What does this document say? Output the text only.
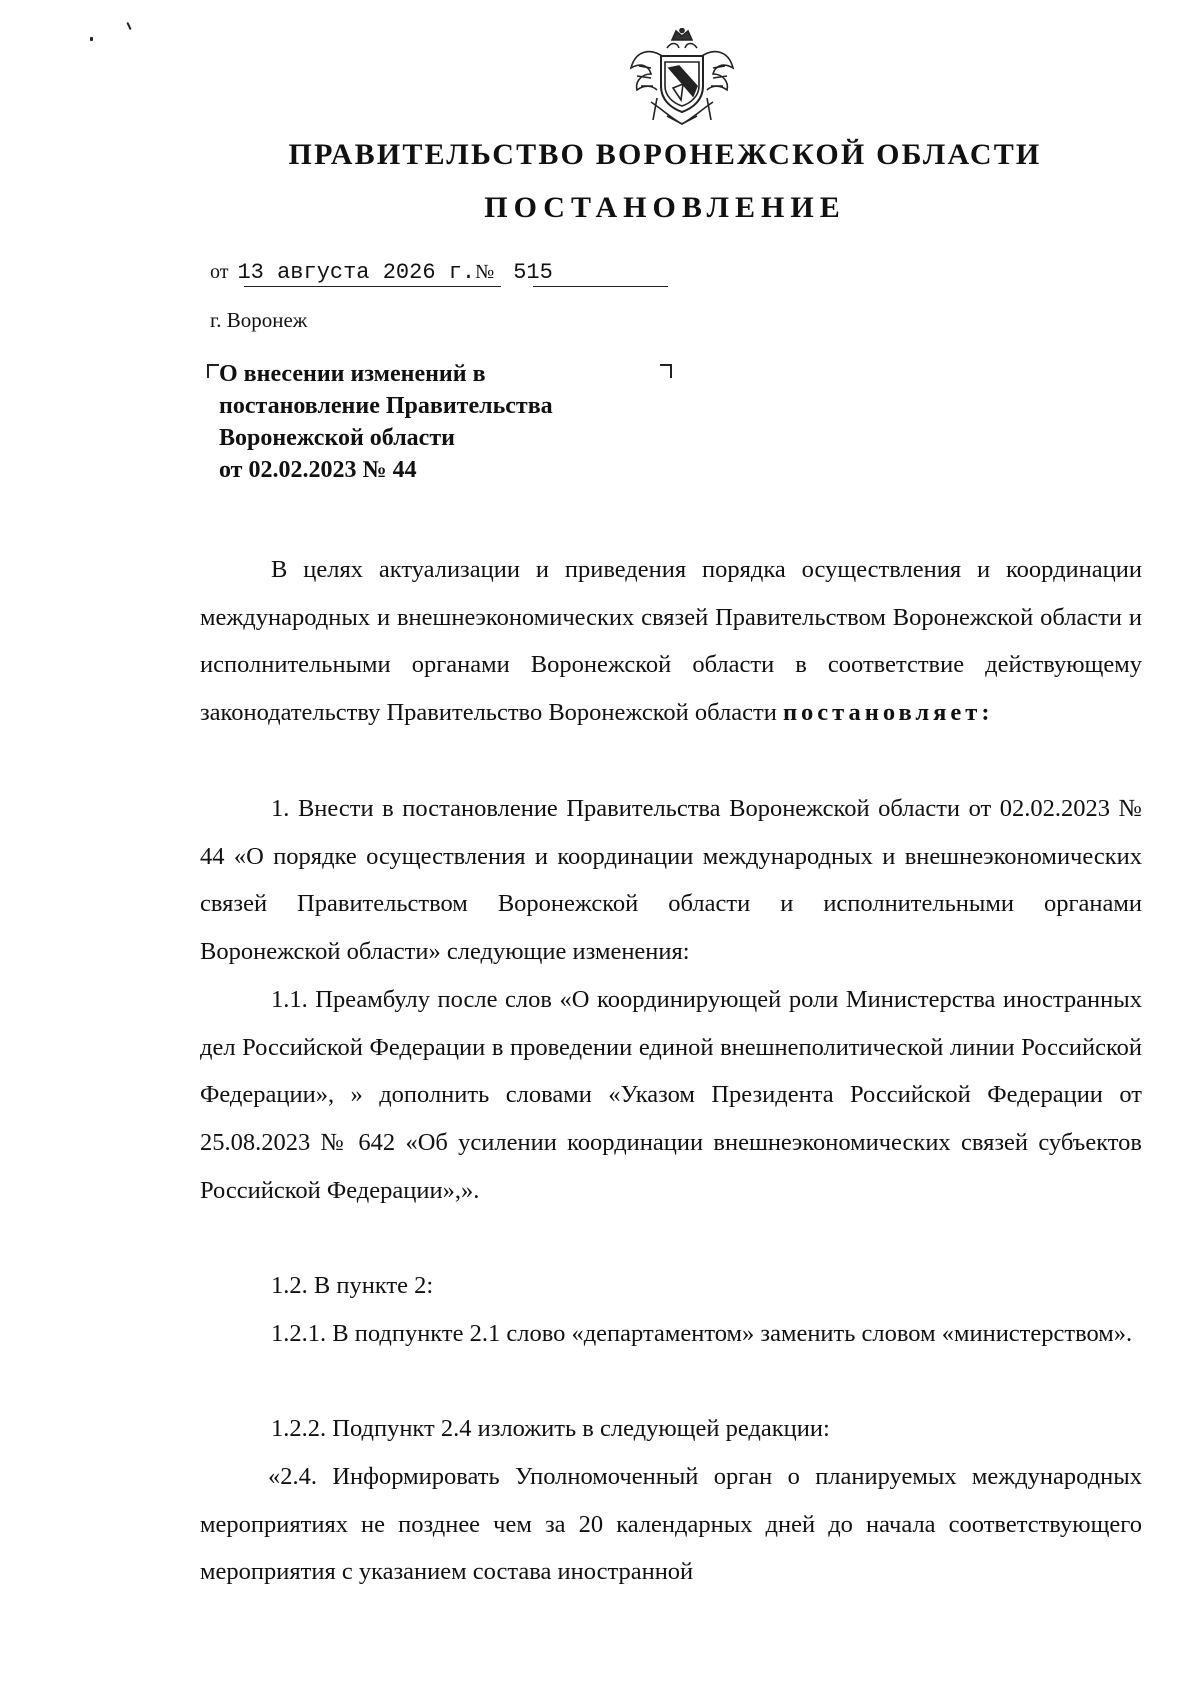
ПРАВИТЕЛЬСТВО ВОРОНЕЖСКОЙ ОБЛАСТИ
ПОСТАНОВЛЕНИЕ
от 13 августа 2026 г.№ 515
г. Воронеж
О внесении изменений в
постановление Правительства
Воронежской области
от 02.02.2023 № 44
В целях актуализации и приведения порядка осуществления и координации международных и внешнеэкономических связей Правительством Воронежской области и исполнительными органами Воронежской области в соответствие действующему законодательству Правительство Воронежской области постановляет:
1. Внести в постановление Правительства Воронежской области от 02.02.2023 № 44 «О порядке осуществления и координации международных и внешнеэкономических связей Правительством Воронежской области и исполнительными органами Воронежской области» следующие изменения:
1.1. Преамбулу после слов «О координирующей роли Министерства иностранных дел Российской Федерации в проведении единой внешнеполитической линии Российской Федерации», » дополнить словами «Указом Президента Российской Федерации от 25.08.2023 № 642 «Об усилении координации внешнеэкономических связей субъектов Российской Федерации»,».
1.2. В пункте 2:
1.2.1. В подпункте 2.1 слово «департаментом» заменить словом «министерством».
1.2.2. Подпункт 2.4 изложить в следующей редакции:
«2.4. Информировать Уполномоченный орган о планируемых международных мероприятиях не позднее чем за 20 календарных дней до начала соответствующего мероприятия с указанием состава иностранной
